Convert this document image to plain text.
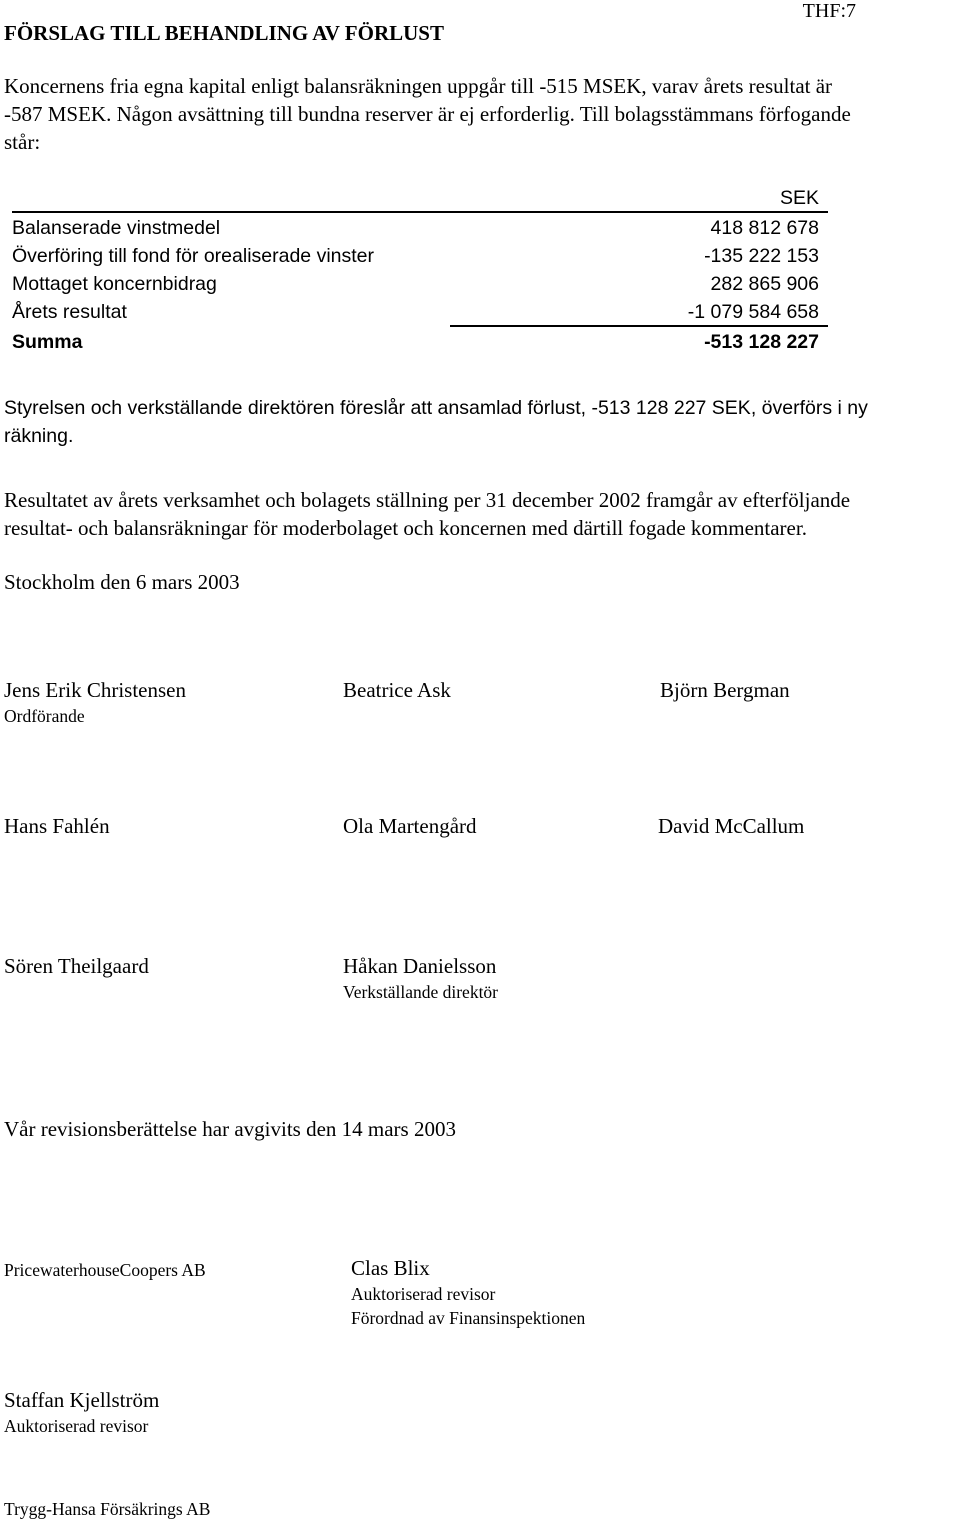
THF:7
FÖRSLAG TILL BEHANDLING AV FÖRLUST
Koncernens fria egna kapital enligt balansräkningen uppgår till -515 MSEK, varav årets resultat är
-587 MSEK. Någon avsättning till bundna reserver är ej erforderlig. Till bolagsstämmans förfogande
står:
SEK
Balanserade vinstmedel	418 812 678
Överföring till fond för orealiserade vinster	-135 222 153
Mottaget koncernbidrag	282 865 906
Årets resultat	-1 079 584 658
Summa	-513 128 227
Styrelsen och verkställande direktören föreslår att ansamlad förlust, -513 128 227 SEK, överförs i ny
räkning.
Resultatet av årets verksamhet och bolagets ställning per 31 december 2002 framgår av efterföljande
resultat- och balansräkningar för moderbolaget och koncernen med därtill fogade kommentarer.
Stockholm den 6 mars 2003
Jens Erik Christensen
Ordförande
Beatrice Ask	Björn Bergman
Hans Fahlén	Ola Martengård	David McCallum
Sören Theilgaard	Håkan Danielsson
Verkställande direktör
Vår revisionsberättelse har avgivits den 14 mars 2003
PricewaterhouseCoopers AB	Clas Blix
Auktoriserad revisor
Förordnad av Finansinspektionen
Staffan Kjellström
Auktoriserad revisor
Trygg-Hansa Försäkrings AB
